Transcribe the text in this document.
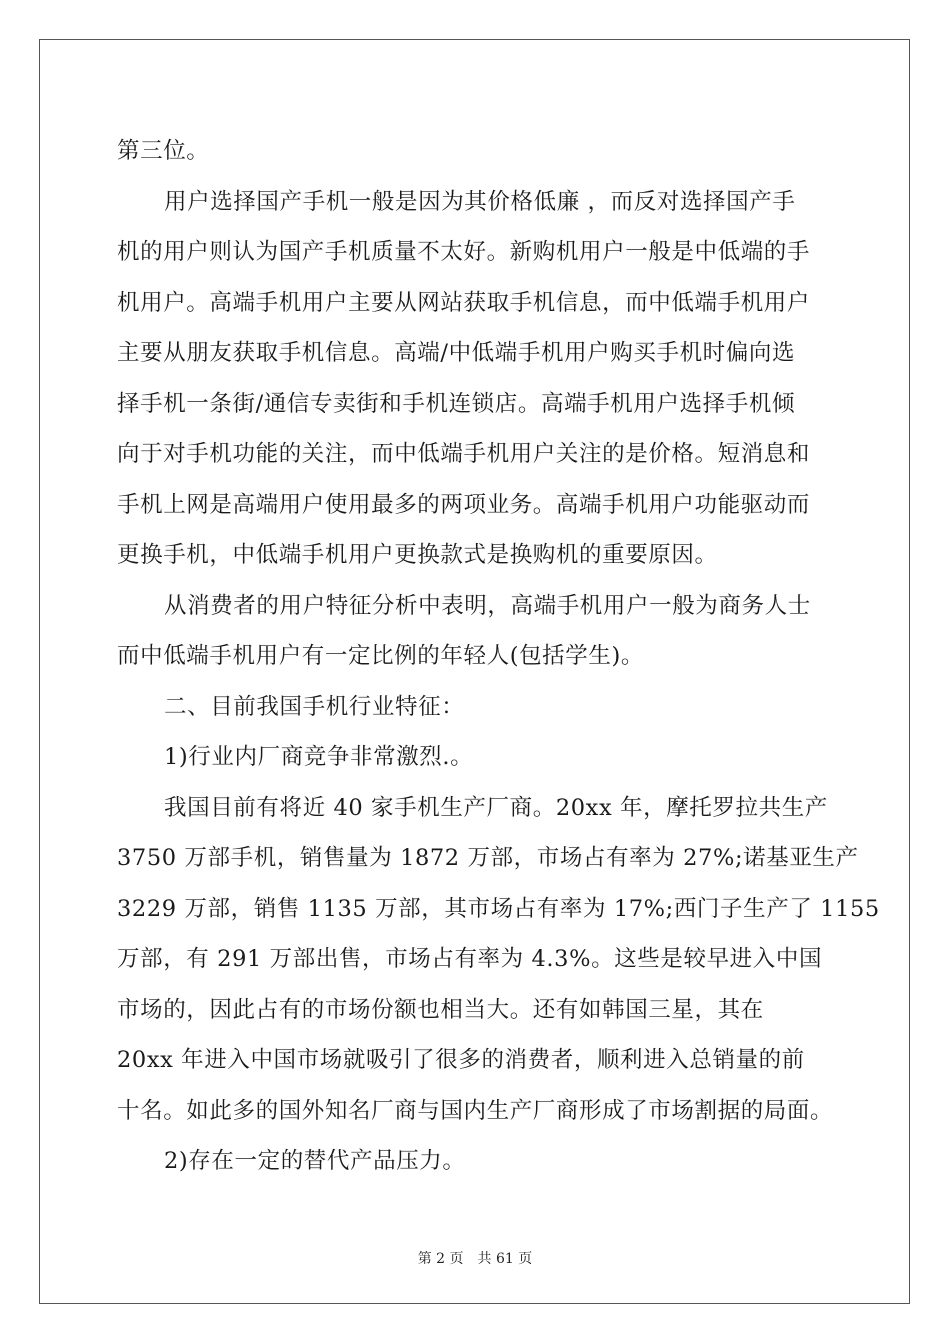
第三位。
用户选择国产手机一般是因为其价格低廉 ，而反对选择国产手
机的用户则认为国产手机质量不太好。新购机用户一般是中低端的手
机用户。高端手机用户主要从网站获取手机信息，而中低端手机用户
主要从朋友获取手机信息。高端/中低端手机用户购买手机时偏向选
择手机一条街/通信专卖街和手机连锁店。高端手机用户选择手机倾
向于对手机功能的关注，而中低端手机用户关注的是价格。短消息和
手机上网是高端用户使用最多的两项业务。高端手机用户功能驱动而
更换手机，中低端手机用户更换款式是换购机的重要原因。
从消费者的用户特征分析中表明，高端手机用户一般为商务人士
而中低端手机用户有一定比例的年轻人(包括学生)。
二、目前我国手机行业特征：
1)行业内厂商竞争非常激烈.。
我国目前有将近 40 家手机生产厂商。20xx 年，摩托罗拉共生产
3750 万部手机，销售量为 1872 万部，市场占有率为 27%;诺基亚生产
3229 万部，销售 1135 万部，其市场占有率为 17%;西门子生产了 1155
万部，有 291 万部出售，市场占有率为 4.3%。这些是较早进入中国
市场的，因此占有的市场份额也相当大。还有如韩国三星，其在
20xx 年进入中国市场就吸引了很多的消费者，顺利进入总销量的前
十名。如此多的国外知名厂商与国内生产厂商形成了市场割据的局面。
2)存在一定的替代产品压力。
第 2 页 共 61 页
